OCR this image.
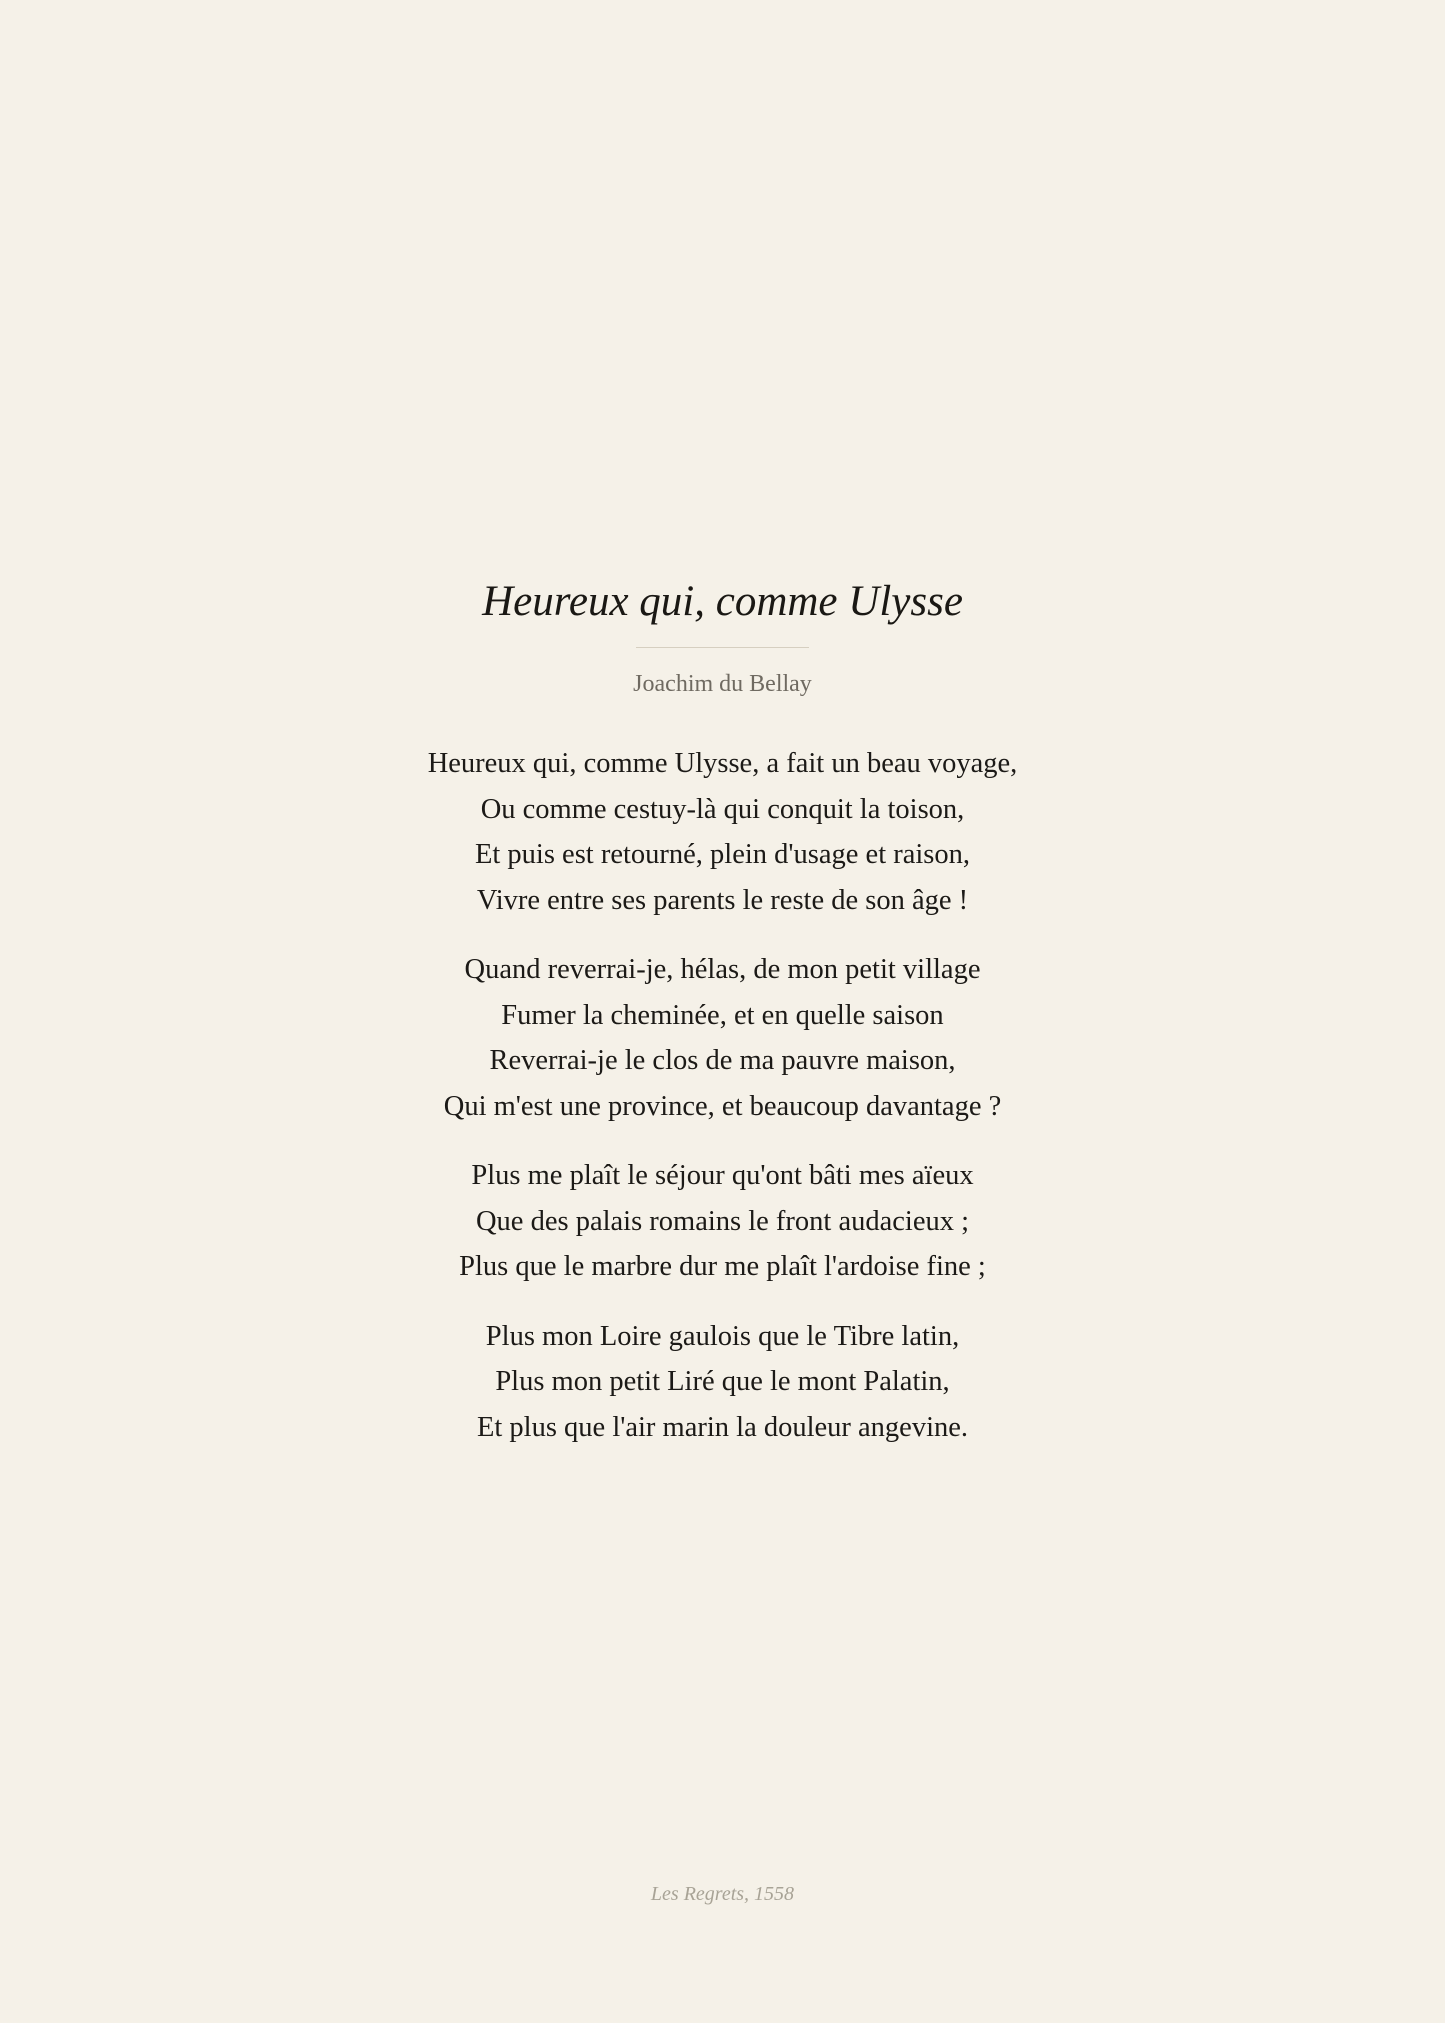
Heureux qui, comme Ulysse
Joachim du Bellay
Heureux qui, comme Ulysse, a fait un beau voyage,
Ou comme cestuy-là qui conquit la toison,
Et puis est retourné, plein d'usage et raison,
Vivre entre ses parents le reste de son âge !
Quand reverrai-je, hélas, de mon petit village
Fumer la cheminée, et en quelle saison
Reverrai-je le clos de ma pauvre maison,
Qui m'est une province, et beaucoup davantage ?
Plus me plaît le séjour qu'ont bâti mes aïeux
Que des palais romains le front audacieux ;
Plus que le marbre dur me plaît l'ardoise fine ;
Plus mon Loire gaulois que le Tibre latin,
Plus mon petit Liré que le mont Palatin,
Et plus que l'air marin la douleur angevine.
Les Regrets, 1558
